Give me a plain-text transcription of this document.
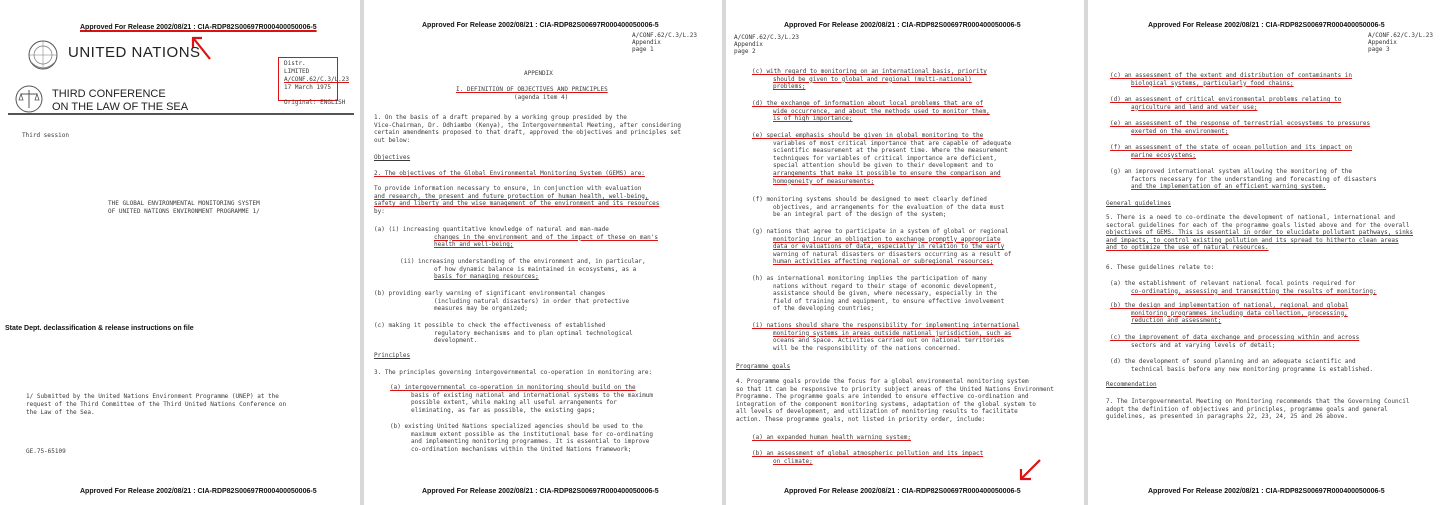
Approved For Release 2002/08/21 : CIA-RDP82S00697R000400050006-5
UNITED NATIONS
THIRD CONFERENCE
ON THE LAW OF THE SEA
Distr.
LIMITED
A/CONF.62/C.3/L.23
17 March 1975
Original: ENGLISH
Third session
THE GLOBAL ENVIRONMENTAL MONITORING SYSTEM
OF UNITED NATIONS ENVIRONMENT PROGRAMME 1/
State Dept. declassification & release instructions on file
1/ Submitted by the United Nations Environment Programme (UNEP) at the
request of the Third Committee of the Third United Nations Conference on
the Law of the Sea.
GE.75-65109
Approved For Release 2002/08/21 : CIA-RDP82S00697R000400050006-5
Approved For Release 2002/08/21 : CIA-RDP82S00697R000400050006-5
A/CONF.62/C.3/L.23
Appendix
page 1
APPENDIX
I. DEFINITION OF OBJECTIVES AND PRINCIPLES
(agenda item 4)
1. On the basis of a draft prepared by a working group presided by the
Vice-Chairman, Dr. Odhiambo (Kenya), the Intergovernmental Meeting, after considering
certain amendments proposed to that draft, approved the objectives and principles set
out below:
Objectives
2. The objectives of the Global Environmental Monitoring System (GEMS) are:
To provide information necessary to ensure, in conjunction with evaluation
and research, the present and future protection of human health, well-being,
safety and liberty and the wise management of the environment and its resources
by:
(a) (i) increasing quantitative knowledge of natural and man-made
changes in the environment and of the impact of these on man's
health and well-being;
(ii) increasing understanding of the environment and, in particular,
of how dynamic balance is maintained in ecosystems, as a
basis for managing resources;
(b) providing early warning of significant environmental changes
(including natural disasters) in order that protective
measures may be organized;
(c) making it possible to check the effectiveness of established
regulatory mechanisms and to plan optimal technological
development.
Principles
3. The principles governing intergovernmental co-operation in monitoring are:
(a) intergovernmental co-operation in monitoring should build on the
basis of existing national and international systems to the maximum
possible extent, while making all useful arrangements for
eliminating, as far as possible, the existing gaps;
(b) existing United Nations specialized agencies should be used to the
maximum extent possible as the institutional base for co-ordinating
and implementing monitoring programmes. It is essential to improve
co-ordination mechanisms within the United Nations framework;
Approved For Release 2002/08/21 : CIA-RDP82S00697R000400050006-5
Approved For Release 2002/08/21 : CIA-RDP82S00697R000400050006-5
A/CONF.62/C.3/L.23
Appendix
page 2
(c) with regard to monitoring on an international basis, priority
should be given to global and regional (multi-national)
problems;
(d) the exchange of information about local problems that are of
wide occurrence, and about the methods used to monitor them,
is of high importance;
(e) special emphasis should be given in global monitoring to the
variables of most critical importance that are capable of adequate
scientific measurement at the present time. Where the measurement
techniques for variables of critical importance are deficient,
special attention should be given to their development and to
arrangements that make it possible to ensure the comparison and
homogeneity of measurements;
(f) monitoring systems should be designed to meet clearly defined
objectives, and arrangements for the evaluation of the data must
be an integral part of the design of the system;
(g) nations that agree to participate in a system of global or regional
monitoring incur an obligation to exchange promptly appropriate
data or evaluations of data, especially in relation to the early
warning of natural disasters or disasters occurring as a result of
human activities affecting regional or subregional resources;
(h) as international monitoring implies the participation of many
nations without regard to their stage of economic development,
assistance should be given, where necessary, especially in the
field of training and equipment, to ensure effective involvement
of the developing countries;
(i) nations should share the responsibility for implementing international
monitoring systems in areas outside national jurisdiction, such as
oceans and space. Activities carried out on national territories
will be the responsibility of the nations concerned.
Programme goals
4. Programme goals provide the focus for a global environmental monitoring system
so that it can be responsive to priority subject areas of the United Nations Environment
Programme. The programme goals are intended to ensure effective co-ordination and
integration of the component monitoring systems, adaptation of the global system to
all levels of development, and utilization of monitoring results to facilitate
action. These programme goals, not listed in priority order, include:
(a) an expanded human health warning system;
(b) an assessment of global atmospheric pollution and its impact
on climate;
Approved For Release 2002/08/21 : CIA-RDP82S00697R000400050006-5
Approved For Release 2002/08/21 : CIA-RDP82S00697R000400050006-5
A/CONF.62/C.3/L.23
Appendix
page 3
(c) an assessment of the extent and distribution of contaminants in
biological systems, particularly food chains;
(d) an assessment of critical environmental problems relating to
agriculture and land and water use;
(e) an assessment of the response of terrestrial ecosystems to pressures
exerted on the environment;
(f) an assessment of the state of ocean pollution and its impact on
marine ecosystems;
(g) an improved international system allowing the monitoring of the
factors necessary for the understanding and forecasting of disasters
and the implementation of an efficient warning system.
General guidelines
5. There is a need to co-ordinate the development of national, international and
sectoral guidelines for each of the programme goals listed above and for the overall
objectives of GEMS. This is essential in order to elucidate pollutant pathways, sinks
and impacts, to control existing pollution and its spread to hitherto clean areas
and to optimize the use of natural resources.
6. These guidelines relate to:
(a) the establishment of relevant national focal points required for
co-ordinating, assessing and transmitting the results of monitoring;
(b) the design and implementation of national, regional and global
monitoring programmes including data collection, processing,
reduction and assessment;
(c) the improvement of data exchange and processing within and across
sectors and at varying levels of detail;
(d) the development of sound planning and an adequate scientific and
technical basis before any new monitoring programme is established.
Recommendation
7. The Intergovernmental Meeting on Monitoring recommends that the Governing Council
adopt the definition of objectives and principles, programme goals and general
guidelines, as presented in paragraphs 22, 23, 24, 25 and 26 above.
Approved For Release 2002/08/21 : CIA-RDP82S00697R000400050006-5
